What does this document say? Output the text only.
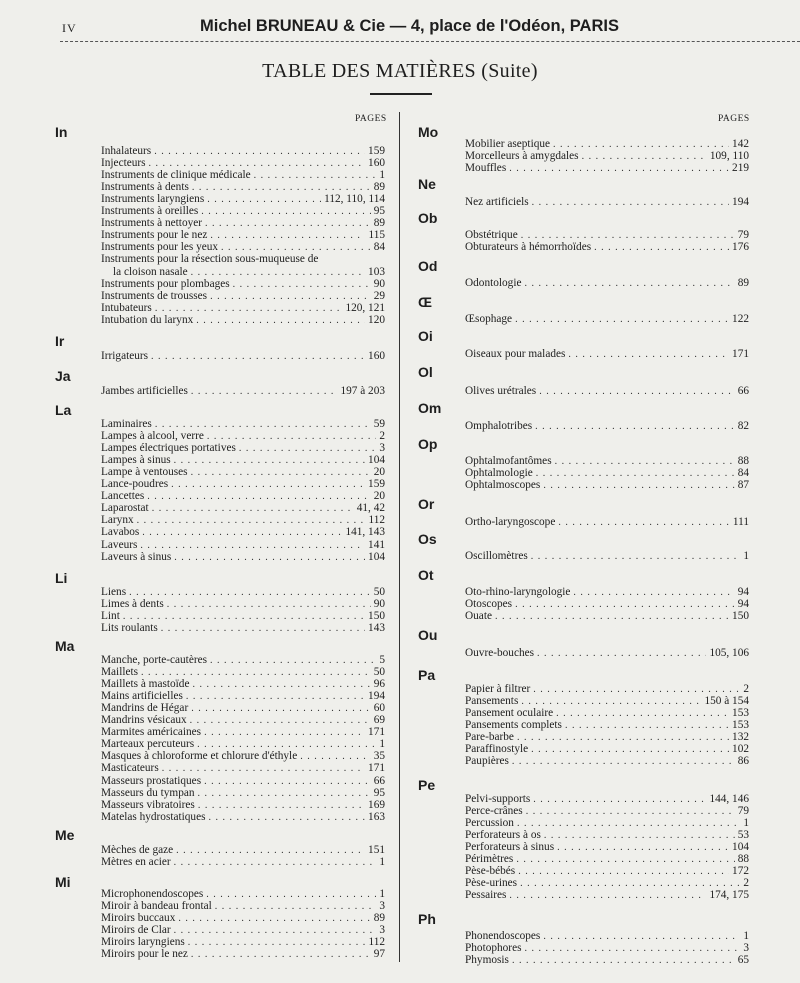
IV	Michel BRUNEAU & Cie — 4, place de l'Odéon, PARIS
TABLE DES MATIÈRES (Suite)
PAGES	PAGES
In
Inhalateurs . . .	159
Injecteurs . . .	160
Instruments de clinique médicale . . .	1
Instruments à dents . . .	89
Instruments laryngiens . . .	112, 110, 114
Instruments à oreilles . . .	95
Instruments à nettoyer . . .	89
Instruments pour le nez . . .	115
Instruments pour les yeux . . .	84
Instruments pour la résection sous-muqueuse de
la cloison nasale . . .	103
Instruments pour plombages . . .	90
Instruments de trousses . . .	29
Intubateurs . . .	120, 121
Intubation du larynx . . .	120
Ir
Irrigateurs . . .	160
Ja
Jambes artificielles . . .	197 à 203
La
Laminaires . . .	59
Lampes à alcool, verre . . .	2
Lampes électriques portatives . . .	3
Lampes à sinus . . .	104
Lampe à ventouses . . .	20
Lance-poudres . . .	159
Lancettes . . .	20
Laparostat . . .	41, 42
Larynx . . .	112
Lavabos . . .	141, 143
Laveurs . . .	141
Laveurs à sinus . . .	104
Li
Liens . . .	50
Limes à dents . . .	90
Lint . . .	150
Lits roulants . . .	143
Ma
Manche, porte-cautères . . .	5
Maillets . . .	50
Maillets à mastoïde . . .	96
Mains artificielles . . .	194
Mandrins de Hégar . . .	60
Mandrins vésicaux . . .	69
Marmites américaines . . .	171
Marteaux percuteurs . . .	1
Masques à chloroforme et chlorure d'éthyle . . .	35
Masticateurs . . .	171
Masseurs prostatiques . . .	66
Masseurs du tympan . . .	95
Masseurs vibratoires . . .	169
Matelas hydrostatiques . . .	163
Me
Mèches de gaze . . .	151
Mètres en acier . . .	1
Mi
Microphonendoscopes . . .	1
Miroir à bandeau frontal . . .	3
Miroirs buccaux . . .	89
Miroirs de Clar . . .	3
Miroirs laryngiens . . .	112
Miroirs pour le nez . . .	97
Mo
Mobilier aseptique . . .	142
Morcelleurs à amygdales . . .	109, 110
Mouffles . . .	219
Ne
Nez artificiels . . .	194
Ob
Obstétrique . . .	79
Obturateurs à hémorrhoïdes . . .	176
Od
Odontologie . . .	89
Œ
Œsophage . . .	122
Oi
Oiseaux pour malades . . .	171
Ol
Olives urétrales . . .	66
Om
Omphalotribes . . .	82
Op
Ophtalmofantômes . . .	88
Ophtalmologie . . .	84
Ophtalmoscopes . . .	87
Or
Ortho-laryngoscope . . .	111
Os
Oscillomètres . . .	1
Ot
Oto-rhino-laryngologie . . .	94
Otoscopes . . .	94
Ouate . . .	150
Ou
Ouvre-bouches . . .	105, 106
Pa
Papier à filtrer . . .	2
Pansements . . .	150 à 154
Pansement oculaire . . .	153
Pansements complets . . .	153
Pare-barbe . . .	132
Paraffinostyle . . .	102
Paupières . . .	86
Pe
Pelvi-supports . . .	144, 146
Perce-crânes . . .	79
Percussion . . .	1
Perforateurs à os . . .	53
Perforateurs à sinus . . .	104
Périmètres . . .	88
Pèse-bébés . . .	172
Pèse-urines . . .	2
Pessaires . . .	174, 175
Ph
Phonendoscopes . . .	1
Photophores . . .	3
Phymosis . . .	65
